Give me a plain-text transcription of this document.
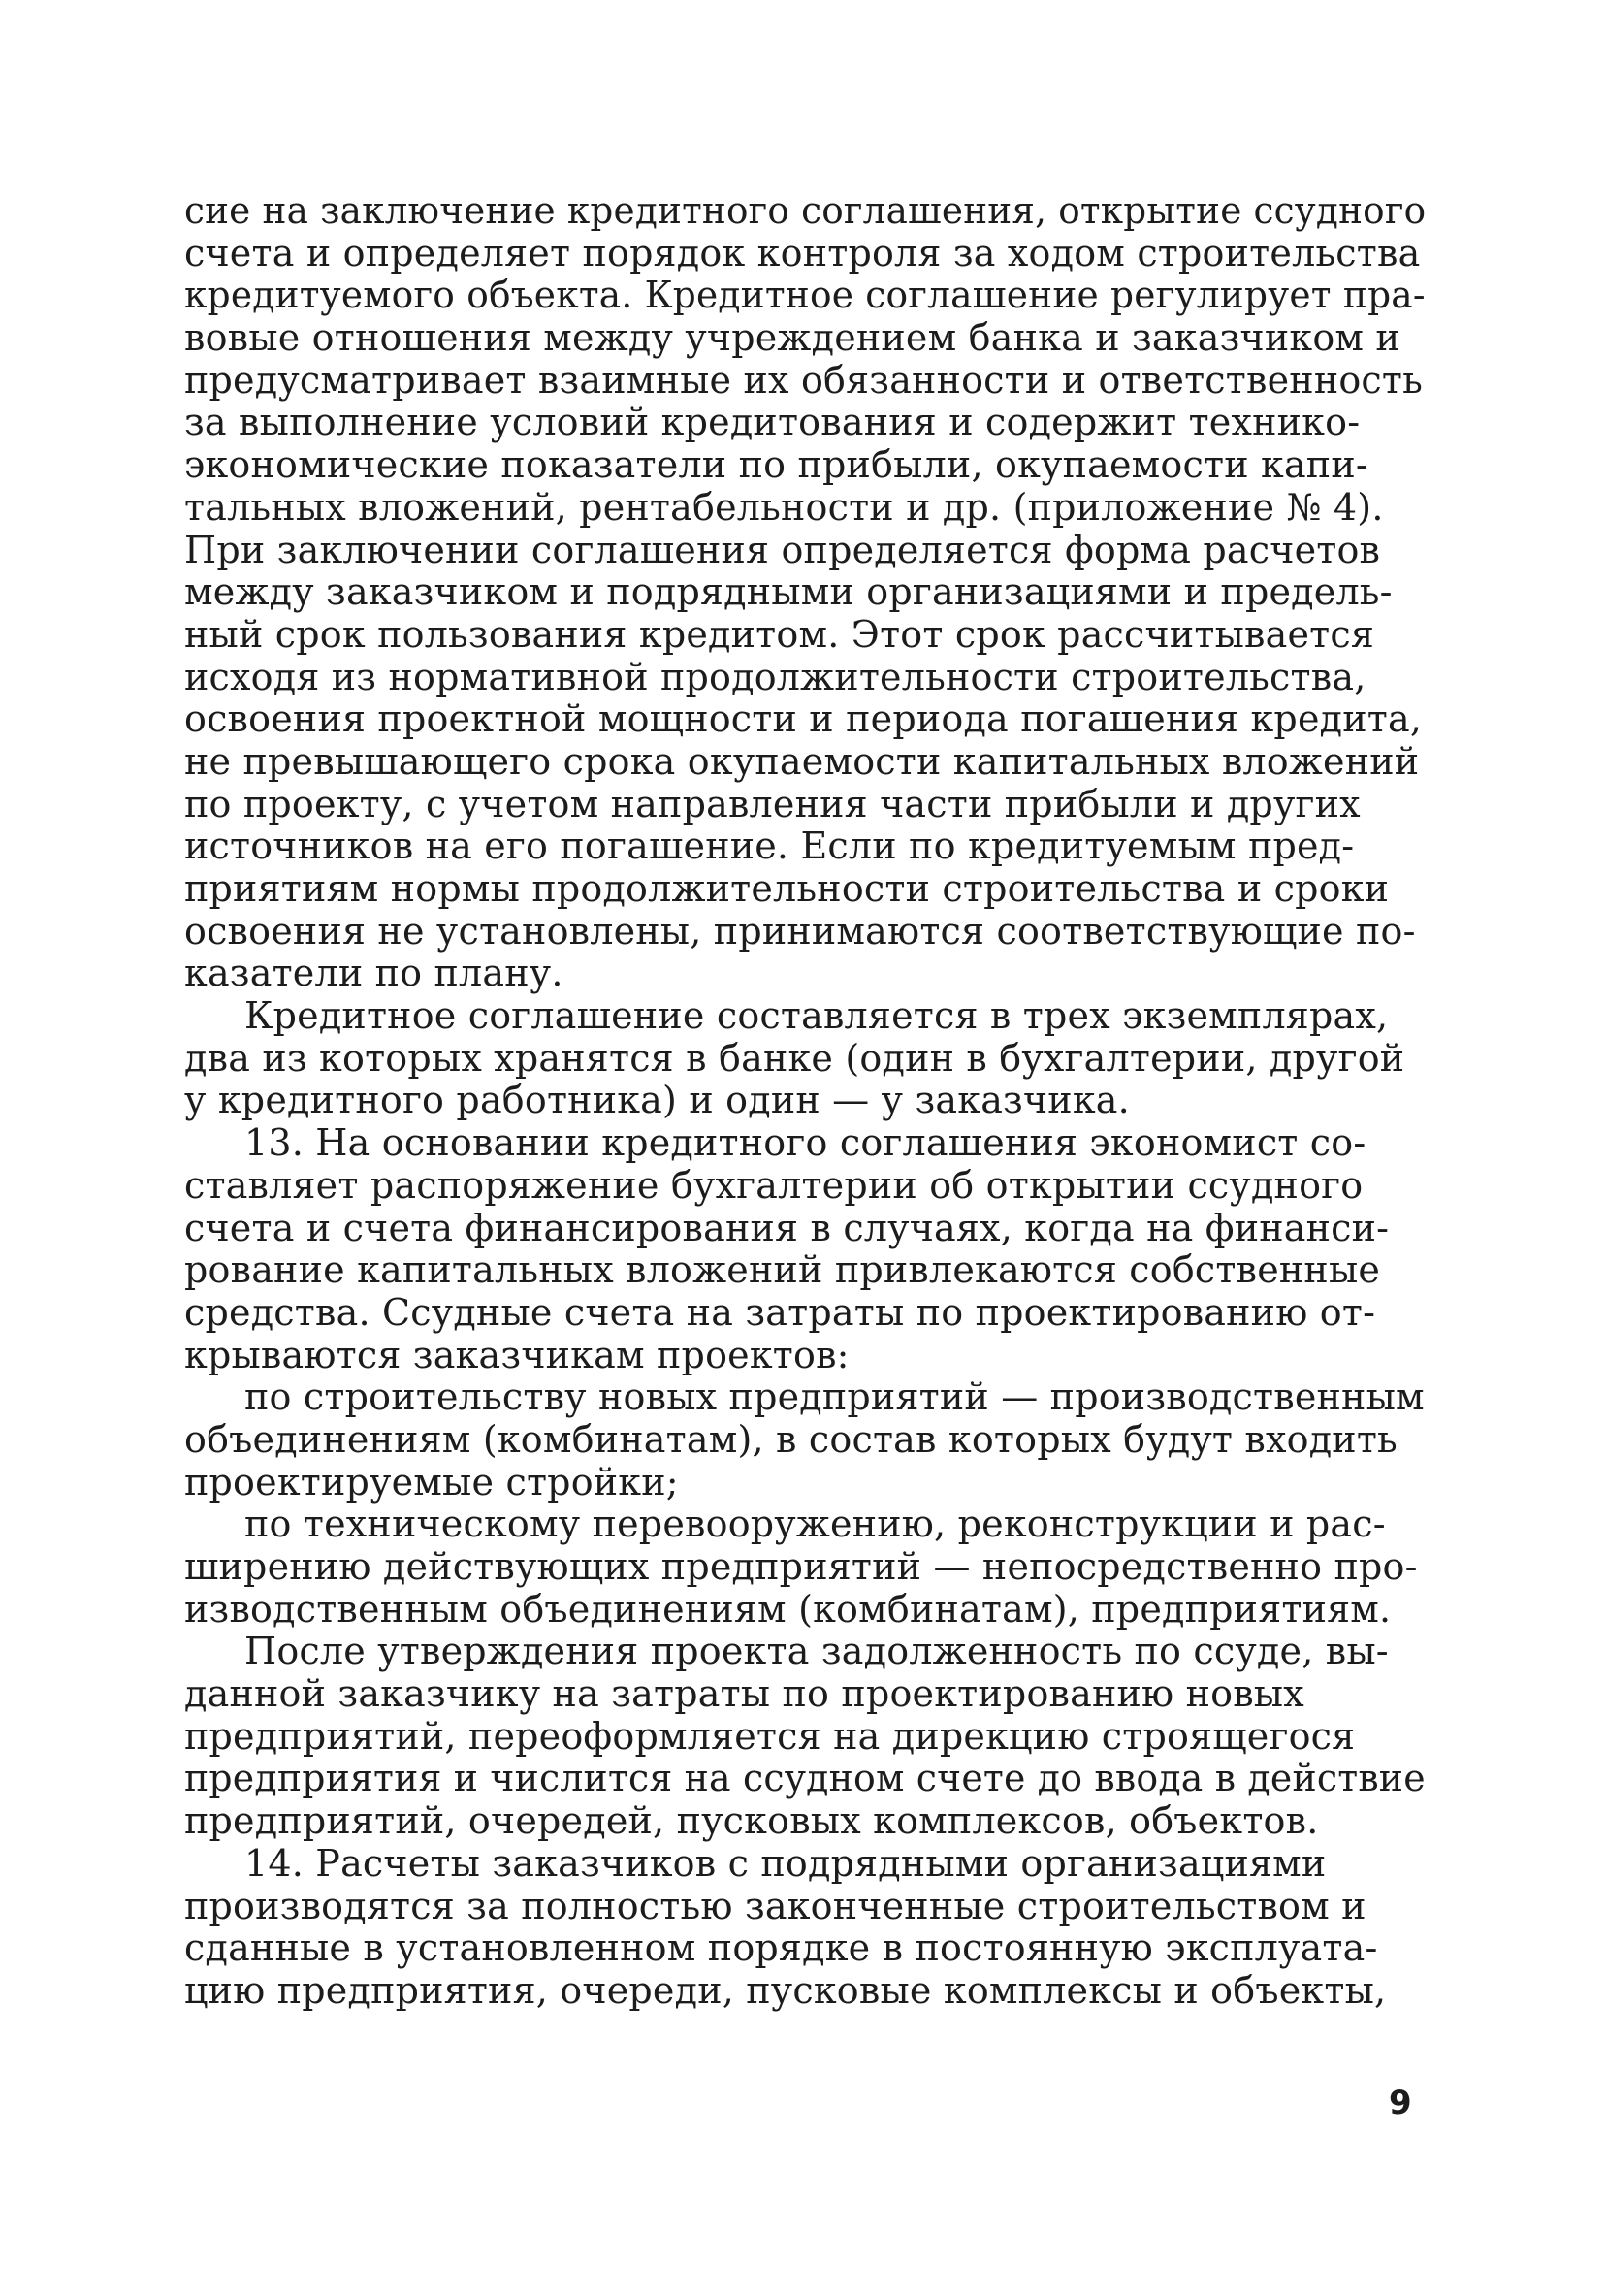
сие на заключение кредитного соглашения, открытие ссудного
счета и определяет порядок контроля за ходом строительства
кредитуемого объекта. Кредитное соглашение регулирует пра-
вовые отношения между учреждением банка и заказчиком и
предусматривает взаимные их обязанности и ответственность
за выполнение условий кредитования и содержит технико-
экономические показатели по прибыли, окупаемости капи-
тальных вложений, рентабельности и др. (приложение № 4).
При заключении соглашения определяется форма расчетов
между заказчиком и подрядными организациями и предель-
ный срок пользования кредитом. Этот срок рассчитывается
исходя из нормативной продолжительности строительства,
освоения проектной мощности и периода погашения кредита,
не превышающего срока окупаемости капитальных вложений
по проекту, с учетом направления части прибыли и других
источников на его погашение. Если по кредитуемым пред-
приятиям нормы продолжительности строительства и сроки
освоения не установлены, принимаются соответствующие по-
казатели по плану.
Кредитное соглашение составляется в трех экземплярах,
два из которых хранятся в банке (один в бухгалтерии, другой
у кредитного работника) и один — у заказчика.
13. На основании кредитного соглашения экономист со-
ставляет распоряжение бухгалтерии об открытии ссудного
счета и счета финансирования в случаях, когда на финанси-
рование капитальных вложений привлекаются собственные
средства. Ссудные счета на затраты по проектированию от-
крываются заказчикам проектов:
по строительству новых предприятий — производственным
объединениям (комбинатам), в состав которых будут входить
проектируемые стройки;
по техническому перевооружению, реконструкции и рас-
ширению действующих предприятий — непосредственно про-
изводственным объединениям (комбинатам), предприятиям.
После утверждения проекта задолженность по ссуде, вы-
данной заказчику на затраты по проектированию новых
предприятий, переоформляется на дирекцию строящегося
предприятия и числится на ссудном счете до ввода в действие
предприятий, очередей, пусковых комплексов, объектов.
14. Расчеты заказчиков с подрядными организациями
производятся за полностью законченные строительством и
сданные в установленном порядке в постоянную эксплуата-
цию предприятия, очереди, пусковые комплексы и объекты,
9
